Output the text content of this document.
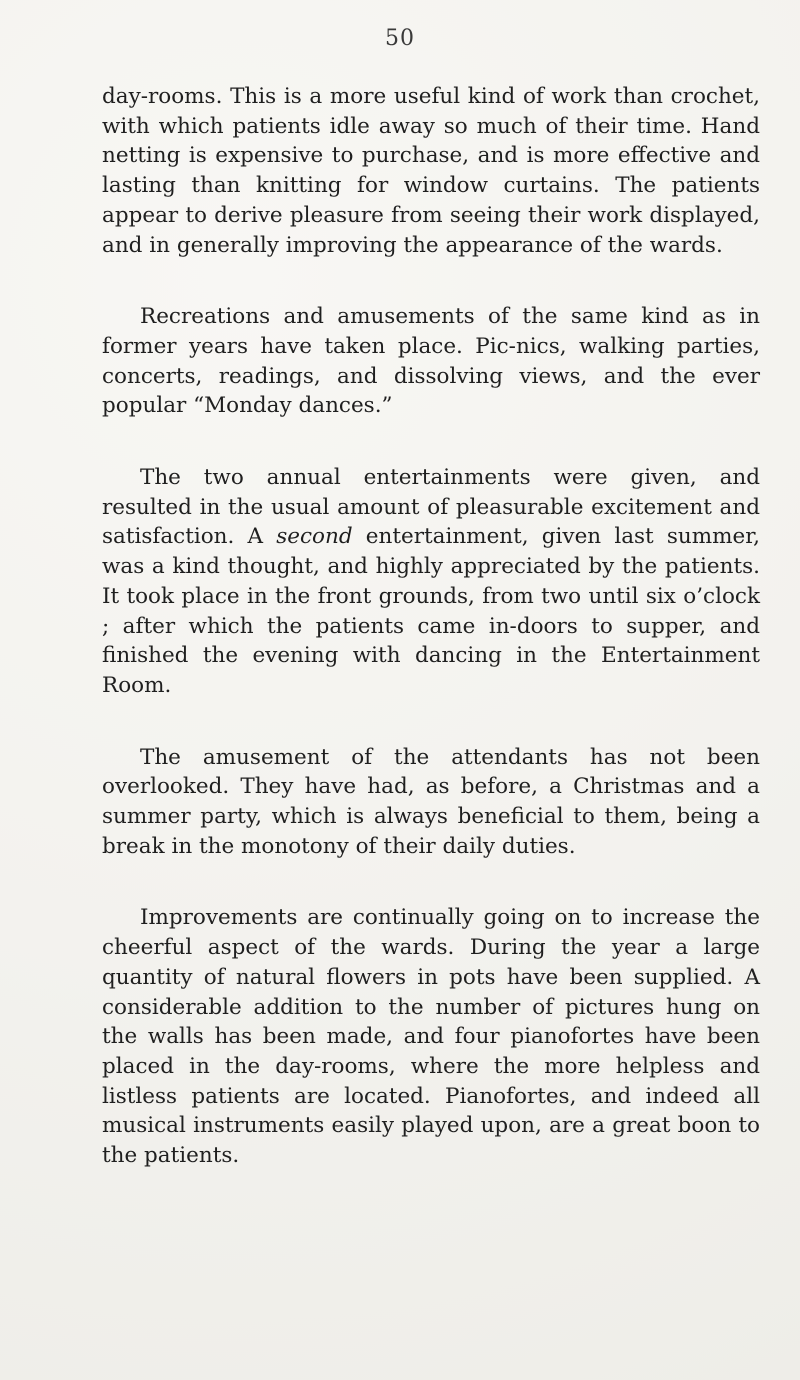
50

day-rooms. This is a more useful kind of work than crochet, with which patients idle away so much of their time. Hand netting is expensive to purchase, and is more effective and lasting than knitting for window curtains. The patients appear to derive pleasure from seeing their work displayed, and in generally improving the appearance of the wards.

Recreations and amusements of the same kind as in former years have taken place. Pic-nics, walking parties, concerts, readings, and dissolving views, and the ever popular “Monday dances.”

The two annual entertainments were given, and resulted in the usual amount of pleasurable excitement and satisfaction. A second entertainment, given last summer, was a kind thought, and highly appreciated by the patients. It took place in the front grounds, from two until six o’clock ; after which the patients came in-doors to supper, and finished the evening with dancing in the Entertainment Room.

The amusement of the attendants has not been overlooked. They have had, as before, a Christmas and a summer party, which is always beneficial to them, being a break in the monotony of their daily duties.

Improvements are continually going on to increase the cheerful aspect of the wards. During the year a large quantity of natural flowers in pots have been supplied. A considerable addition to the number of pictures hung on the walls has been made, and four pianofortes have been placed in the day-rooms, where the more helpless and listless patients are located. Pianofortes, and indeed all musical instruments easily played upon, are a great boon to the patients.
